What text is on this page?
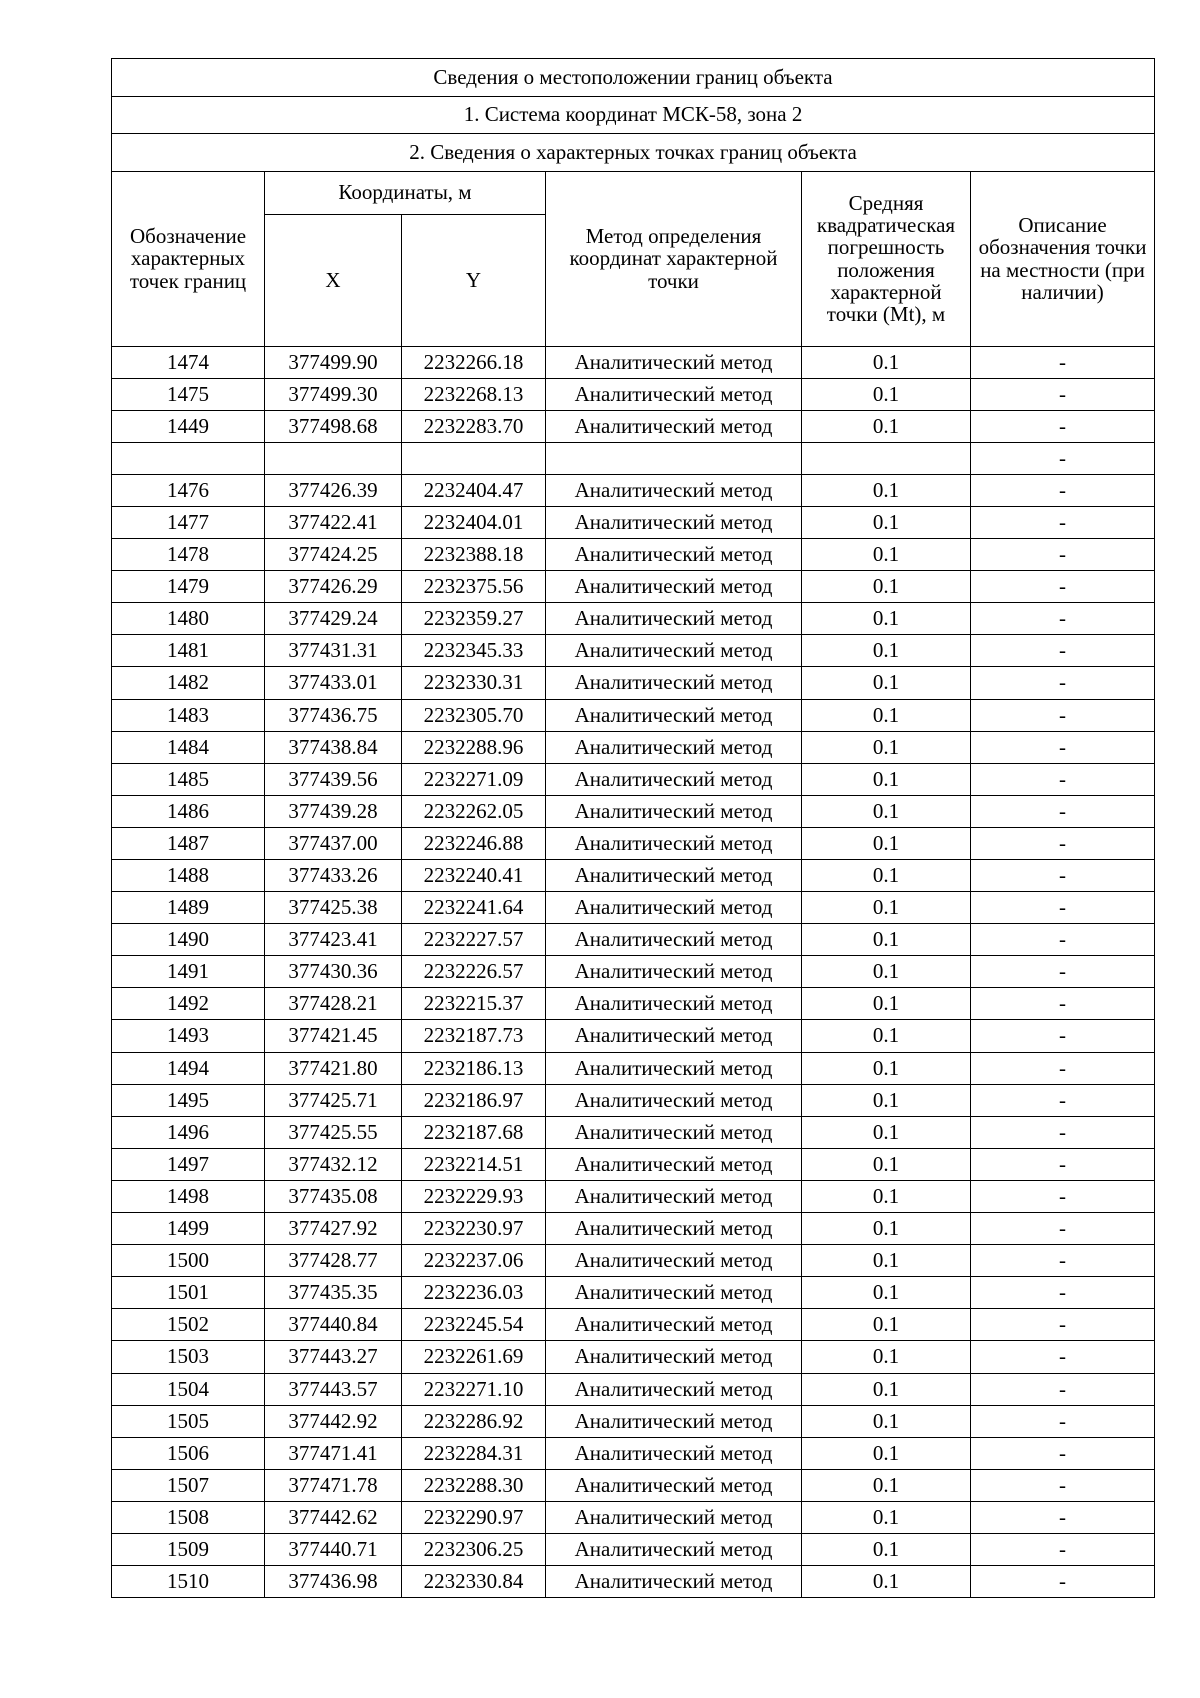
Сведения о местоположении границ объекта					
1. Система координат МСК-58, зона 2					
2. Сведения о характерных точках границ объекта					
Обозначение характерных точек границ	Координаты, м		Метод определения координат характерной точки	Средняя квадратическая погрешность положения характерной точки (Mt), м	Описание обозначения точки на местности (при наличии)
	X	Y			
1474	377499.90	2232266.18	Аналитический метод	0.1	-
1475	377499.30	2232268.13	Аналитический метод	0.1	-
1449	377498.68	2232283.70	Аналитический метод	0.1	-
					-
1476	377426.39	2232404.47	Аналитический метод	0.1	-
1477	377422.41	2232404.01	Аналитический метод	0.1	-
1478	377424.25	2232388.18	Аналитический метод	0.1	-
1479	377426.29	2232375.56	Аналитический метод	0.1	-
1480	377429.24	2232359.27	Аналитический метод	0.1	-
1481	377431.31	2232345.33	Аналитический метод	0.1	-
1482	377433.01	2232330.31	Аналитический метод	0.1	-
1483	377436.75	2232305.70	Аналитический метод	0.1	-
1484	377438.84	2232288.96	Аналитический метод	0.1	-
1485	377439.56	2232271.09	Аналитический метод	0.1	-
1486	377439.28	2232262.05	Аналитический метод	0.1	-
1487	377437.00	2232246.88	Аналитический метод	0.1	-
1488	377433.26	2232240.41	Аналитический метод	0.1	-
1489	377425.38	2232241.64	Аналитический метод	0.1	-
1490	377423.41	2232227.57	Аналитический метод	0.1	-
1491	377430.36	2232226.57	Аналитический метод	0.1	-
1492	377428.21	2232215.37	Аналитический метод	0.1	-
1493	377421.45	2232187.73	Аналитический метод	0.1	-
1494	377421.80	2232186.13	Аналитический метод	0.1	-
1495	377425.71	2232186.97	Аналитический метод	0.1	-
1496	377425.55	2232187.68	Аналитический метод	0.1	-
1497	377432.12	2232214.51	Аналитический метод	0.1	-
1498	377435.08	2232229.93	Аналитический метод	0.1	-
1499	377427.92	2232230.97	Аналитический метод	0.1	-
1500	377428.77	2232237.06	Аналитический метод	0.1	-
1501	377435.35	2232236.03	Аналитический метод	0.1	-
1502	377440.84	2232245.54	Аналитический метод	0.1	-
1503	377443.27	2232261.69	Аналитический метод	0.1	-
1504	377443.57	2232271.10	Аналитический метод	0.1	-
1505	377442.92	2232286.92	Аналитический метод	0.1	-
1506	377471.41	2232284.31	Аналитический метод	0.1	-
1507	377471.78	2232288.30	Аналитический метод	0.1	-
1508	377442.62	2232290.97	Аналитический метод	0.1	-
1509	377440.71	2232306.25	Аналитический метод	0.1	-
1510	377436.98	2232330.84	Аналитический метод	0.1	-
